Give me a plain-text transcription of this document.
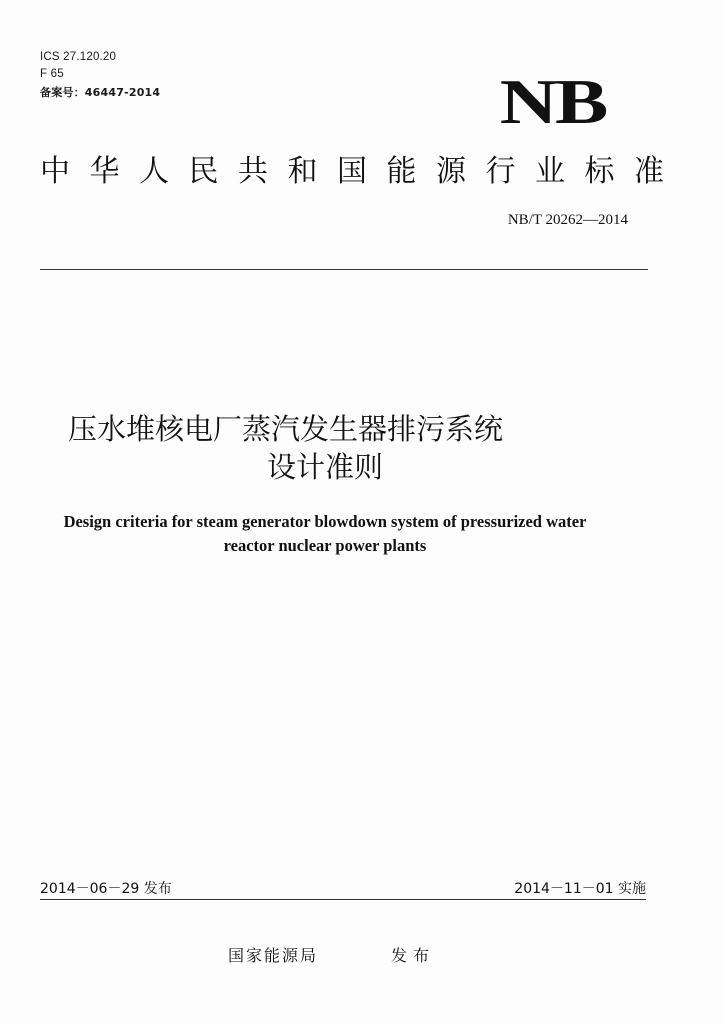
ICS 27.120.20
F 65
备案号：46447-2014	NB
中华人民共和国能源行业标准
NB/T 20262—2014
压水堆核电厂蒸汽发生器排污系统
设计准则
Design criteria for steam generator blowdown system of pressurized water
reactor nuclear power plants
2014－06－29 发布	2014－11－01 实施
国家能源局	发布
